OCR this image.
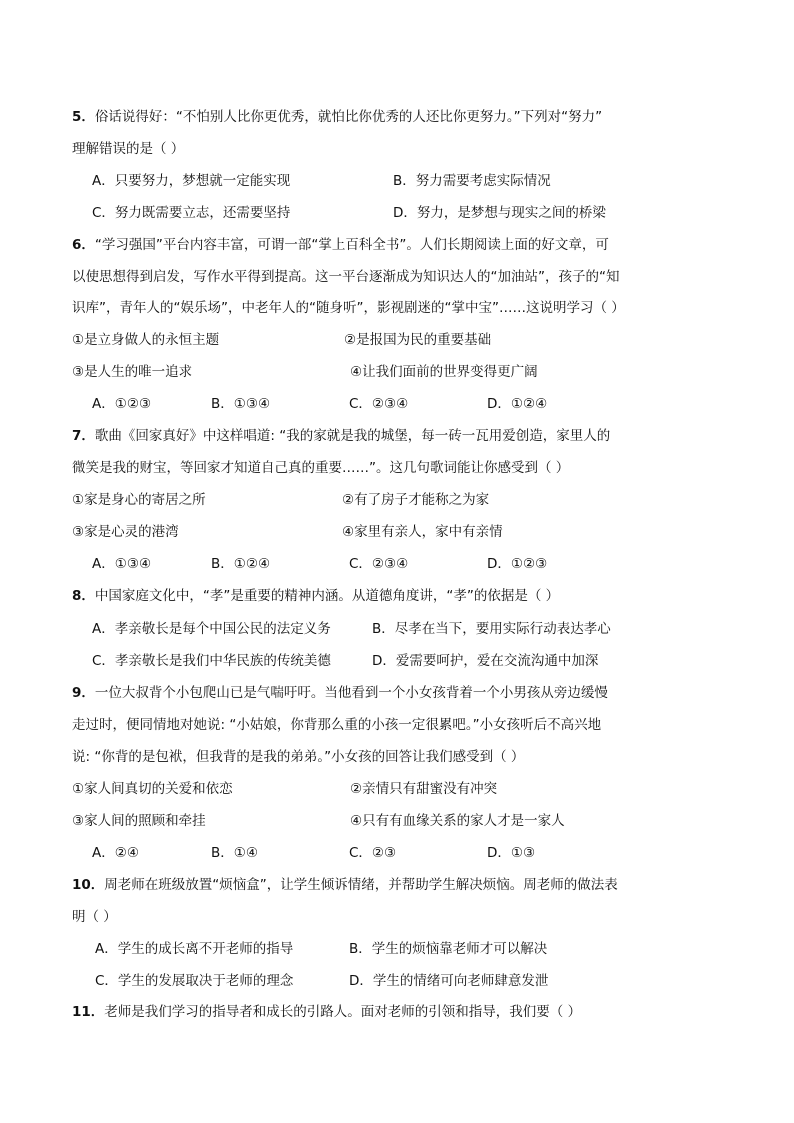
5．俗话说得好：“不怕别人比你更优秀，就怕比你优秀的人还比你更努力。”下列对“努力”
理解错误的是（ ）
A．只要努力，梦想就一定能实现	B．努力需要考虑实际情况
C．努力既需要立志，还需要坚持	D．努力，是梦想与现实之间的桥梁
6．“学习强国”平台内容丰富，可谓一部“掌上百科全书”。人们长期阅读上面的好文章，可
以使思想得到启发，写作水平得到提高。这一平台逐渐成为知识达人的“加油站”，孩子的“知
识库”，青年人的“娱乐场”，中老年人的“随身听”，影视剧迷的“掌中宝”……这说明学习（ ）
①是立身做人的永恒主题	②是报国为民的重要基础
③是人生的唯一追求	④让我们面前的世界变得更广阔
A．①②③	B．①③④	C．②③④	D．①②④
7．歌曲《回家真好》中这样唱道: “我的家就是我的城堡，每一砖一瓦用爱创造，家里人的
微笑是我的财宝，等回家才知道自己真的重要……”。这几句歌词能让你感受到（ ）
①家是身心的寄居之所	②有了房子才能称之为家
③家是心灵的港湾	④家里有亲人，家中有亲情
A．①③④	B．①②④	C．②③④	D．①②③
8．中国家庭文化中，“孝”是重要的精神内涵。从道德角度讲，“孝”的依据是（ ）
A．孝亲敬长是每个中国公民的法定义务	B．尽孝在当下，要用实际行动表达孝心
C．孝亲敬长是我们中华民族的传统美德	D．爱需要呵护，爱在交流沟通中加深
9．一位大叔背个小包爬山已是气喘吁吁。当他看到一个小女孩背着一个小男孩从旁边缓慢
走过时，便同情地对她说: “小姑娘，你背那么重的小孩一定很累吧。”小女孩听后不高兴地
说: “你背的是包袱，但我背的是我的弟弟。”小女孩的回答让我们感受到（ ）
①家人间真切的关爱和依恋	②亲情只有甜蜜没有冲突
③家人间的照顾和牵挂	④只有有血缘关系的家人才是一家人
A．②④	B．①④	C．②③	D．①③
10．周老师在班级放置“烦恼盒”，让学生倾诉情绪，并帮助学生解决烦恼。周老师的做法表
明（ ）
A．学生的成长离不开老师的指导	B．学生的烦恼靠老师才可以解决
C．学生的发展取决于老师的理念	D．学生的情绪可向老师肆意发泄
11．老师是我们学习的指导者和成长的引路人。面对老师的引领和指导，我们要（ ）
